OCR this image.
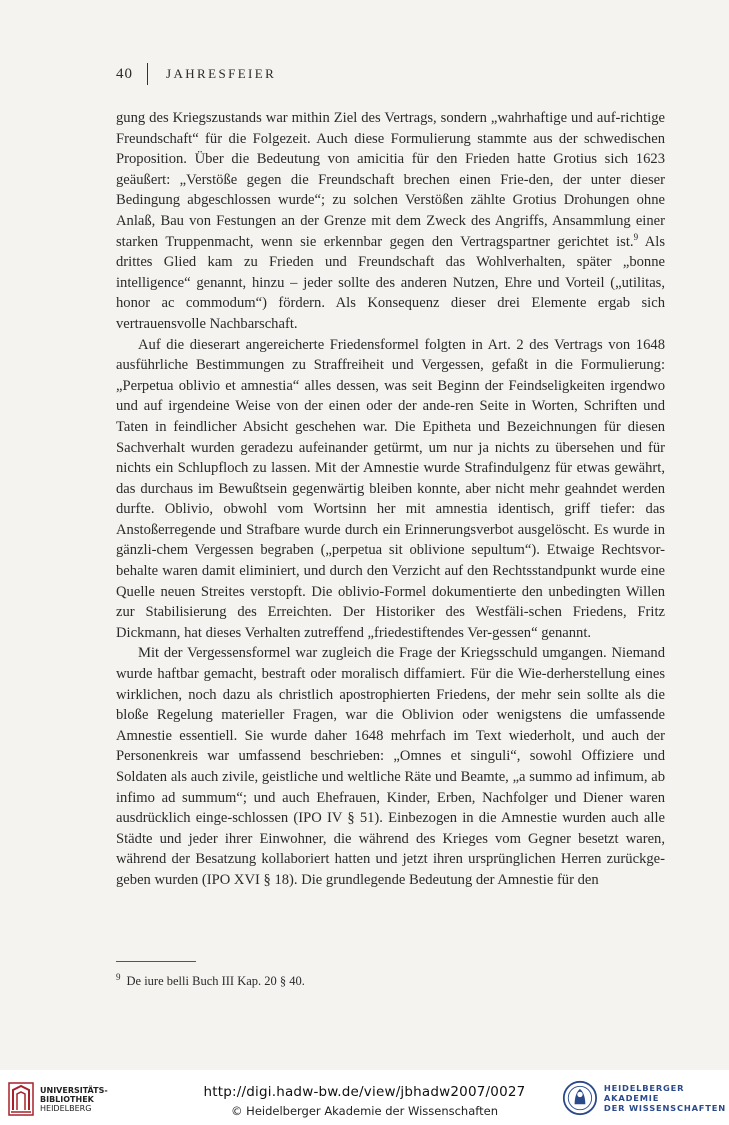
40	JAHRESFEIER

gung des Kriegszustands war mithin Ziel des Vertrags, sondern „wahrhaftige und auf-richtige Freundschaft“ für die Folgezeit. Auch diese Formulierung stammte aus der schwedischen Proposition. Über die Bedeutung von amicitia für den Frieden hatte Grotius sich 1623 geäußert: „Verstöße gegen die Freundschaft brechen einen Frie-den, der unter dieser Bedingung abgeschlossen wurde“; zu solchen Verstößen zählte Grotius Drohungen ohne Anlaß, Bau von Festungen an der Grenze mit dem Zweck des Angriffs, Ansammlung einer starken Truppenmacht, wenn sie erkennbar gegen den Vertragspartner gerichtet ist.$^9$ Als drittes Glied kam zu Frieden und Freundschaft das Wohlverhalten, später „bonne intelligence“ genannt, hinzu – jeder sollte des anderen Nutzen, Ehre und Vorteil („utilitas, honor ac commodum“) fördern. Als Konsequenz dieser drei Elemente ergab sich vertrauensvolle Nachbarschaft.

Auf die dieserart angereicherte Friedensformel folgten in Art. 2 des Vertrags von 1648 ausführliche Bestimmungen zu Straffreiheit und Vergessen, gefaßt in die Formulierung: „Perpetua oblivio et amnestia“ alles dessen, was seit Beginn der Feindseligkeiten irgendwo und auf irgendeine Weise von der einen oder der ande-ren Seite in Worten, Schriften und Taten in feindlicher Absicht geschehen war. Die Epitheta und Bezeichnungen für diesen Sachverhalt wurden geradezu aufeinander getürmt, um nur ja nichts zu übersehen und für nichts ein Schlupfloch zu lassen. Mit der Amnestie wurde Strafindulgenz für etwas gewährt, das durchaus im Bewußtsein gegenwärtig bleiben konnte, aber nicht mehr geahndet werden durfte. Oblivio, obwohl vom Wortsinn her mit amnestia identisch, griff tiefer: das Anstoßerregende und Strafbare wurde durch ein Erinnerungsverbot ausgelöscht. Es wurde in gänzli-chem Vergessen begraben („perpetua sit oblivione sepultum“). Etwaige Rechtsvor-behalte waren damit eliminiert, und durch den Verzicht auf den Rechtsstandpunkt wurde eine Quelle neuen Streites verstopft. Die oblivio-Formel dokumentierte den unbedingten Willen zur Stabilisierung des Erreichten. Der Historiker des Westfäli-schen Friedens, Fritz Dickmann, hat dieses Verhalten zutreffend „friedestiftendes Ver-gessen“ genannt.

Mit der Vergessensformel war zugleich die Frage der Kriegsschuld umgangen. Niemand wurde haftbar gemacht, bestraft oder moralisch diffamiert. Für die Wie-derherstellung eines wirklichen, noch dazu als christlich apostrophierten Friedens, der mehr sein sollte als die bloße Regelung materieller Fragen, war die Oblivion oder wenigstens die umfassende Amnestie essentiell. Sie wurde daher 1648 mehrfach im Text wiederholt, und auch der Personenkreis war umfassend beschrieben: „Omnes et singuli“, sowohl Offiziere und Soldaten als auch zivile, geistliche und weltliche Räte und Beamte, „a summo ad infimum, ab infimo ad summum“; und auch Ehefrauen, Kinder, Erben, Nachfolger und Diener waren ausdrücklich einge-schlossen (IPO IV § 51). Einbezogen in die Amnestie wurden auch alle Städte und jeder ihrer Einwohner, die während des Krieges vom Gegner besetzt waren, während der Besatzung kollaboriert hatten und jetzt ihren ursprünglichen Herren zurückge-geben wurden (IPO XVI § 18). Die grundlegende Bedeutung der Amnestie für den

$^9$ De iure belli Buch III Kap. 20 § 40.
UNIVERSITÄTS-
BIBLIOTHEK
HEIDELBERG
http://digi.hadw-bw.de/view/jbhadw2007/0027
© Heidelberger Akademie der Wissenschaften
HEIDELBERGER AKADEMIE
DER WISSENSCHAFTEN
